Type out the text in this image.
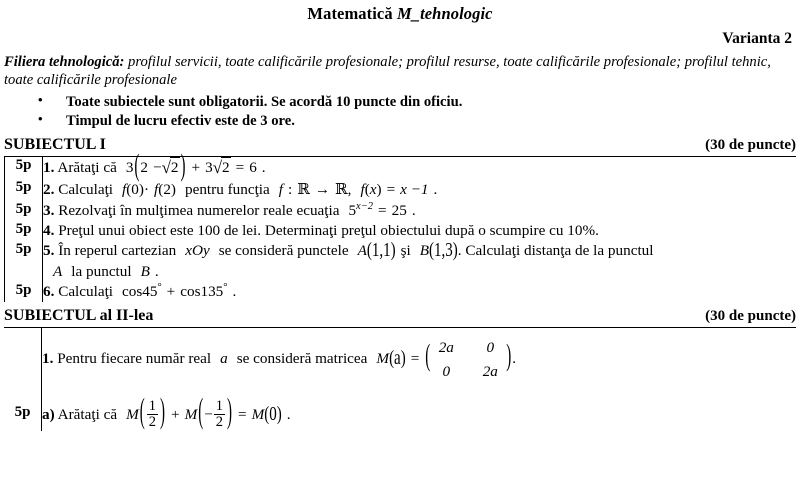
Matematică M_tehnologic
Varianta 2
Filiera tehnologică: profilul servicii, toate calificările profesionale; profilul resurse, toate calificările profesionale; profilul tehnic, toate calificările profesionale
• Toate subiectele sunt obligatorii. Se acordă 10 puncte din oficiu.
• Timpul de lucru efectiv este de 3 ore.
SUBIECTUL I	(30 de puncte)
5p	1. Arătaţi că 3(2 −√2 ) + 3√2 = 6 .
5p	2. Calculaţi f(0)· f(2) pentru funcţia f : ℝ → ℝ, f(x) = x −1 .
5p	3. Rezolvaţi în mulţimea numerelor reale ecuaţia $5^{x-2} = 25$ .
5p	4. Preţul unui obiect este 100 de lei. Determinaţi preţul obiectului după o scumpire cu 10%.
5p	5. În reperul cartezian xOy se consideră punctele A(1,1) şi B(1,3). Calculaţi distanţa de la punctul
A la punctul B .

5p	6. Calculaţi cos45° + cos135° .
SUBIECTUL al II-lea	(30 de puncte)
	1. Pentru fiecare număr real a se consideră matricea M(a) = ( 2a 0
0 2a ) .
5p	a) Arătaţi că $M( \frac{1}{2}$ ) + $M(- \frac{1}{2}$ ) = M(0) .
